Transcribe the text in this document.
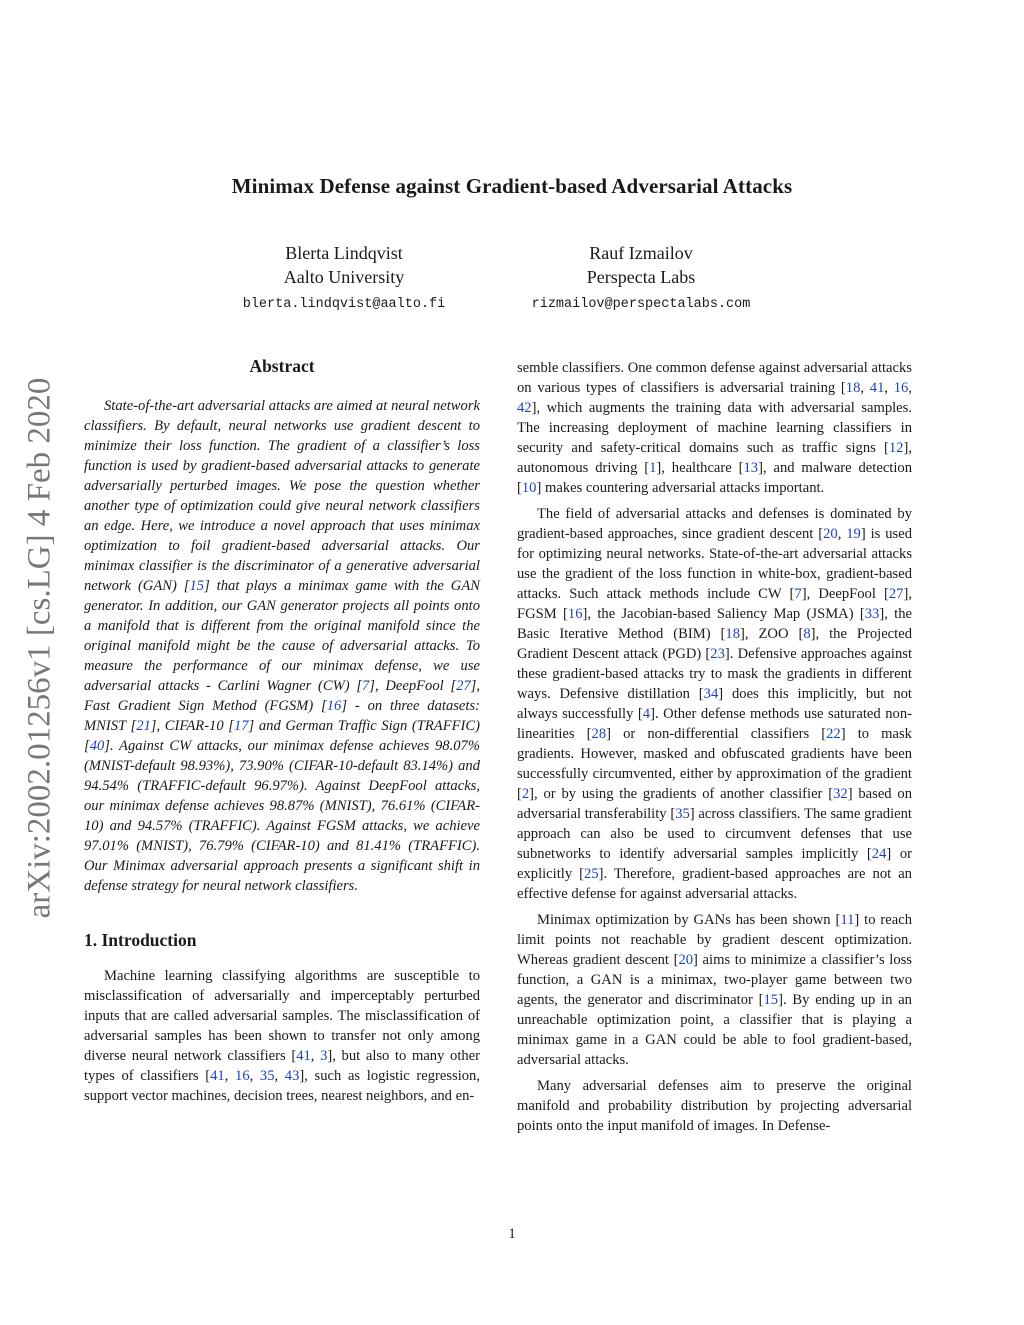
Minimax Defense against Gradient-based Adversarial Attacks
Blerta Lindqvist
Aalto University
blerta.lindqvist@aalto.fi
Rauf Izmailov
Perspecta Labs
rizmailov@perspectalabs.com
arXiv:2002.01256v1 [cs.LG] 4 Feb 2020
Abstract

State-of-the-art adversarial attacks are aimed at neural network classifiers. By default, neural networks use gradient descent to minimize their loss function. The gradient of a classifier’s loss function is used by gradient-based adversarial attacks to generate adversarially perturbed images. We pose the question whether another type of optimization could give neural network classifiers an edge. Here, we introduce a novel approach that uses minimax optimization to foil gradient-based adversarial attacks. Our minimax classifier is the discriminator of a generative adversarial network (GAN) [15] that plays a minimax game with the GAN generator. In addition, our GAN generator projects all points onto a manifold that is different from the original manifold since the original manifold might be the cause of adversarial attacks. To measure the performance of our minimax defense, we use adversarial attacks - Carlini Wagner (CW) [7], DeepFool [27], Fast Gradient Sign Method (FGSM) [16] - on three datasets: MNIST [21], CIFAR-10 [17] and German Traffic Sign (TRAFFIC) [40]. Against CW attacks, our minimax defense achieves 98.07% (MNIST-default 98.93%), 73.90% (CIFAR-10-default 83.14%) and 94.54% (TRAFFIC-default 96.97%). Against DeepFool attacks, our minimax defense achieves 98.87% (MNIST), 76.61% (CIFAR-10) and 94.57% (TRAFFIC). Against FGSM attacks, we achieve 97.01% (MNIST), 76.79% (CIFAR-10) and 81.41% (TRAFFIC). Our Minimax adversarial approach presents a significant shift in defense strategy for neural network classifiers.

1. Introduction

Machine learning classifying algorithms are susceptible to misclassification of adversarially and imperceptably perturbed inputs that are called adversarial samples. The misclassification of adversarial samples has been shown to transfer not only among diverse neural network classifiers [41, 3], but also to many other types of classifiers [41, 16, 35, 43], such as logistic regression, support vector machines, decision trees, nearest neighbors, and en-

semble classifiers. One common defense against adversarial attacks on various types of classifiers is adversarial training [18, 41, 16, 42], which augments the training data with adversarial samples. The increasing deployment of machine learning classifiers in security and safety-critical domains such as traffic signs [12], autonomous driving [1], healthcare [13], and malware detection [10] makes countering adversarial attacks important.

The field of adversarial attacks and defenses is dominated by gradient-based approaches, since gradient descent [20, 19] is used for optimizing neural networks. State-of-the-art adversarial attacks use the gradient of the loss function in white-box, gradient-based attacks. Such attack methods include CW [7], DeepFool [27], FGSM [16], the Jacobian-based Saliency Map (JSMA) [33], the Basic Iterative Method (BIM) [18], ZOO [8], the Projected Gradient Descent attack (PGD) [23]. Defensive approaches against these gradient-based attacks try to mask the gradients in different ways. Defensive distillation [34] does this implicitly, but not always successfully [4]. Other defense methods use saturated non-linearities [28] or non-differential classifiers [22] to mask gradients. However, masked and obfuscated gradients have been successfully circumvented, either by approximation of the gradient [2], or by using the gradients of another classifier [32] based on adversarial transferability [35] across classifiers. The same gradient approach can also be used to circumvent defenses that use subnetworks to identify adversarial samples implicitly [24] or explicitly [25]. Therefore, gradient-based approaches are not an effective defense for against adversarial attacks.

Minimax optimization by GANs has been shown [11] to reach limit points not reachable by gradient descent optimization. Whereas gradient descent [20] aims to minimize a classifier’s loss function, a GAN is a minimax, two-player game between two agents, the generator and discriminator [15]. By ending up in an unreachable optimization point, a classifier that is playing a minimax game in a GAN could be able to fool gradient-based, adversarial attacks.

Many adversarial defenses aim to preserve the original manifold and probability distribution by projecting adversarial points onto the input manifold of images. In Defense-

1
